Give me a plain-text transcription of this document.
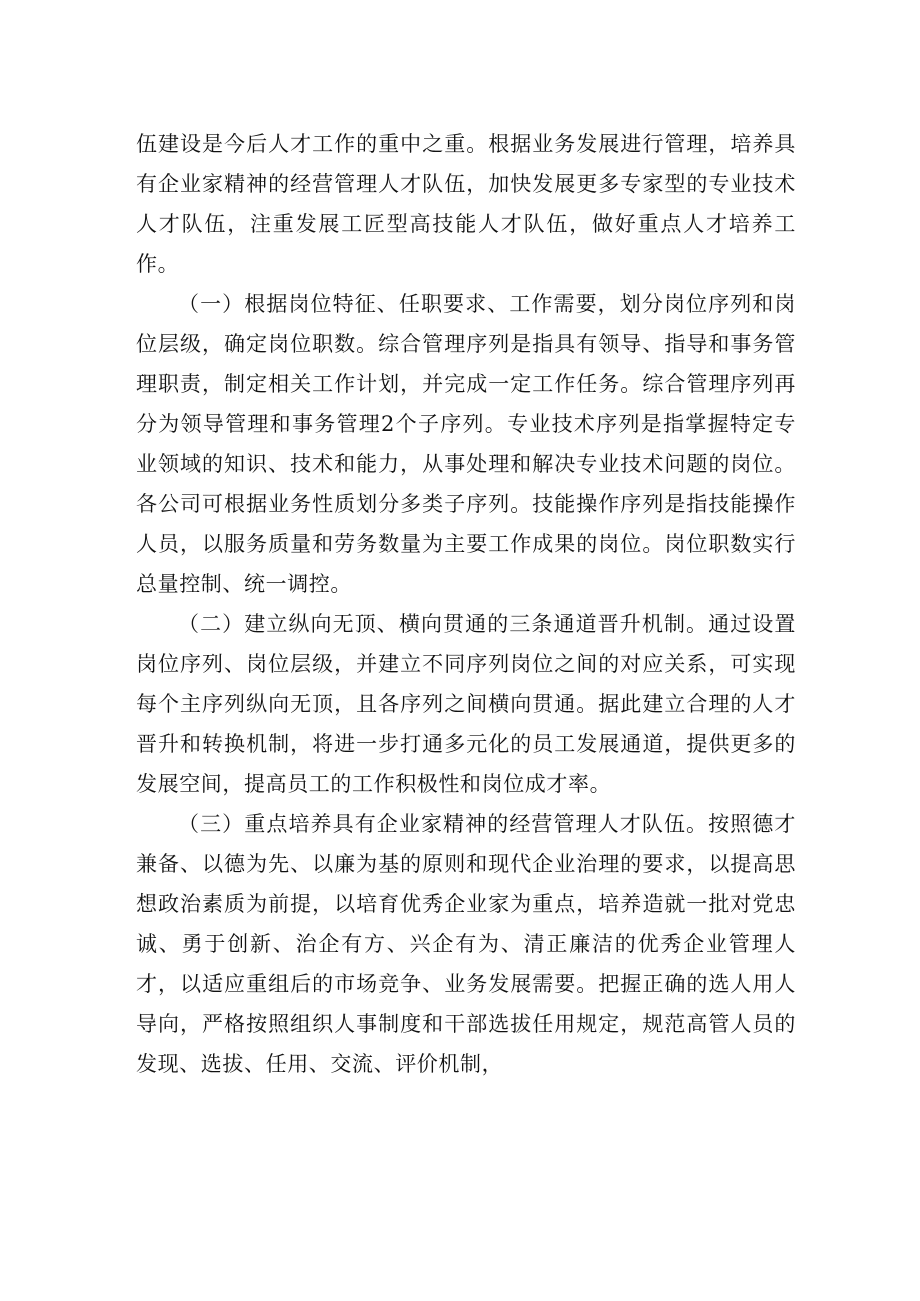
伍建设是今后人才工作的重中之重。根据业务发展进行管理，培养具有企业家精神的经营管理人才队伍，加快发展更多专家型的专业技术人才队伍，注重发展工匠型高技能人才队伍，做好重点人才培养工作。

（一）根据岗位特征、任职要求、工作需要，划分岗位序列和岗位层级，确定岗位职数。综合管理序列是指具有领导、指导和事务管理职责，制定相关工作计划，并完成一定工作任务。综合管理序列再分为领导管理和事务管理2个子序列。专业技术序列是指掌握特定专业领域的知识、技术和能力，从事处理和解决专业技术问题的岗位。各公司可根据业务性质划分多类子序列。技能操作序列是指技能操作人员，以服务质量和劳务数量为主要工作成果的岗位。岗位职数实行总量控制、统一调控。

（二）建立纵向无顶、横向贯通的三条通道晋升机制。通过设置岗位序列、岗位层级，并建立不同序列岗位之间的对应关系，可实现每个主序列纵向无顶，且各序列之间横向贯通。据此建立合理的人才晋升和转换机制，将进一步打通多元化的员工发展通道，提供更多的发展空间，提高员工的工作积极性和岗位成才率。

（三）重点培养具有企业家精神的经营管理人才队伍。按照德才兼备、以德为先、以廉为基的原则和现代企业治理的要求，以提高思想政治素质为前提，以培育优秀企业家为重点，培养造就一批对党忠诚、勇于创新、治企有方、兴企有为、清正廉洁的优秀企业管理人才，以适应重组后的市场竞争、业务发展需要。把握正确的选人用人导向，严格按照组织人事制度和干部选拔任用规定，规范高管人员的发现、选拔、任用、交流、评价机制，
